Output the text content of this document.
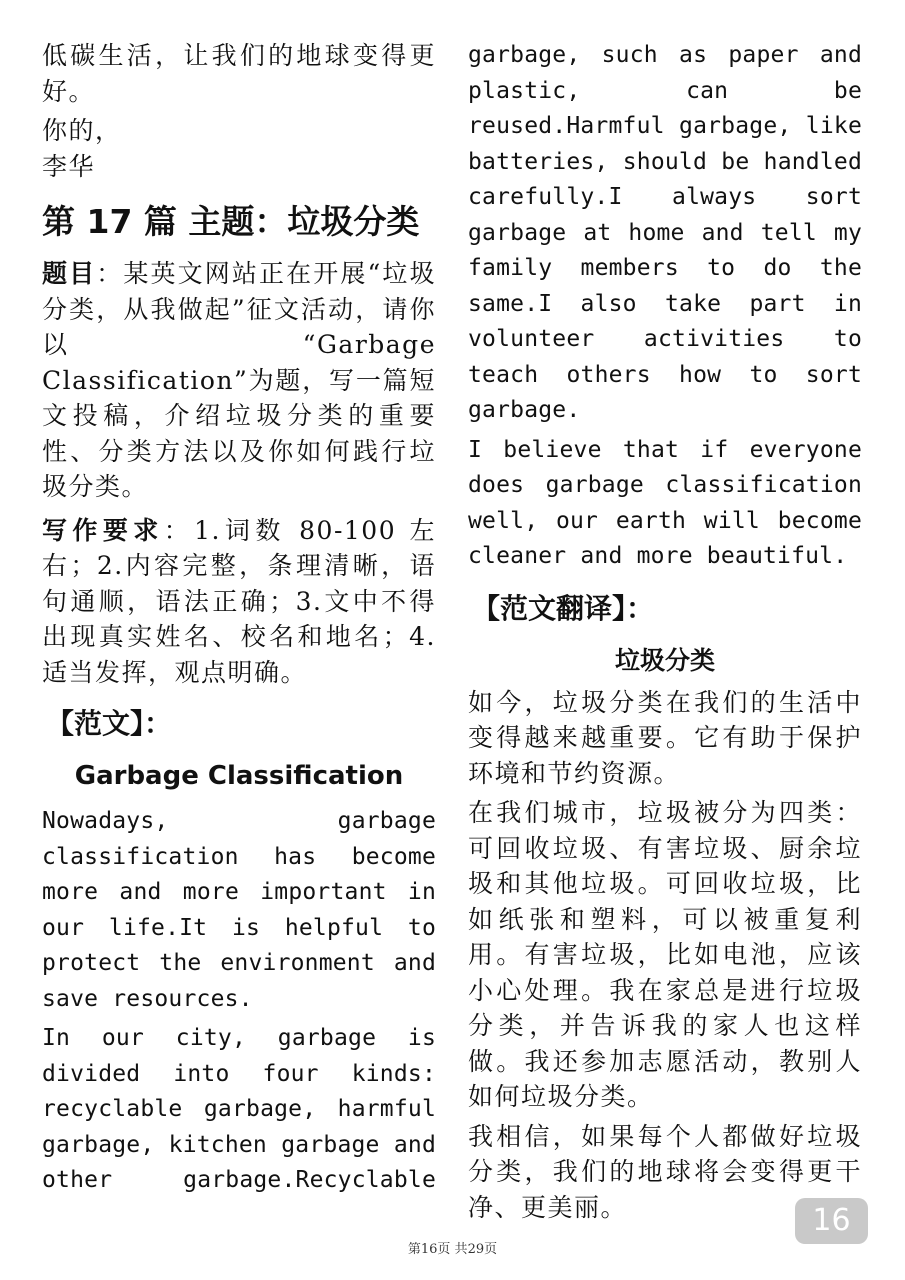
低碳生活，让我们的地球变得更好。

你的，

李华

第 17 篇 主题：垃圾分类

题目：某英文网站正在开展“垃圾分类，从我做起”征文活动，请你以“Garbage Classification”为题，写一篇短文投稿，介绍垃圾分类的重要性、分类方法以及你如何践行垃圾分类。

写作要求：1.词数 80-100 左右；2.内容完整，条理清晰，语句通顺，语法正确；3.文中不得出现真实姓名、校名和地名；4.适当发挥，观点明确。

【范文】：
Garbage Classification

Nowadays, garbage classification has become more and more important in our life.It is helpful to protect the environment and save resources.

In our city, garbage is divided into four kinds: recyclable garbage, harmful garbage, kitchen garbage and other garbage.Recyclable

garbage, such as paper and plastic, can be reused.Harmful garbage, like batteries, should be handled carefully.I always sort garbage at home and tell my family members to do the same.I also take part in volunteer activities to teach others how to sort garbage.

I believe that if everyone does garbage classification well, our earth will become cleaner and more beautiful.

【范文翻译】：
垃圾分类

如今，垃圾分类在我们的生活中变得越来越重要。它有助于保护环境和节约资源。

在我们城市，垃圾被分为四类：可回收垃圾、有害垃圾、厨余垃圾和其他垃圾。可回收垃圾，比如纸张和塑料，可以被重复利用。有害垃圾，比如电池，应该小心处理。我在家总是进行垃圾分类，并告诉我的家人也这样做。我还参加志愿活动，教别人如何垃圾分类。

我相信，如果每个人都做好垃圾分类，我们的地球将会变得更干净、更美丽。	16
第16页 共29页
